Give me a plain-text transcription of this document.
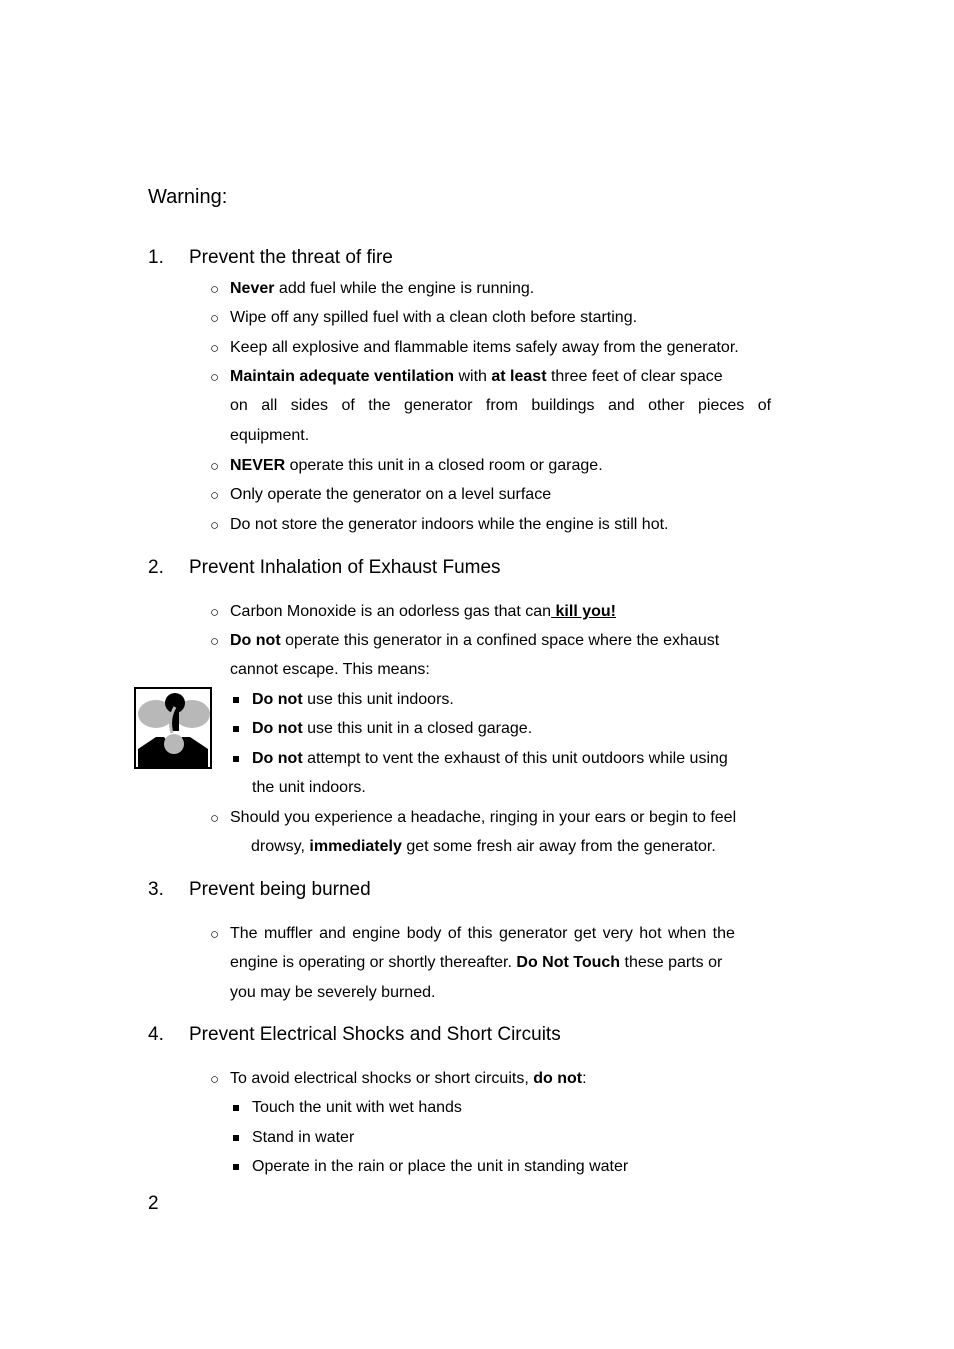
Warning:
1. Prevent the threat of fire
○ Never add fuel while the engine is running.
○ Wipe off any spilled fuel with a clean cloth before starting.
○ Keep all explosive and flammable items safely away from the generator.
○ Maintain adequate ventilation with at least three feet of clear space
on all sides of the generator from buildings and other pieces of
equipment.
○ NEVER operate this unit in a closed room or garage.
○ Only operate the generator on a level surface
○ Do not store the generator indoors while the engine is still hot.
2. Prevent Inhalation of Exhaust Fumes
○ Carbon Monoxide is an odorless gas that can kill you!
○ Do not operate this generator in a confined space where the exhaust
cannot escape. This means:
Do not use this unit indoors.
Do not use this unit in a closed garage.
Do not attempt to vent the exhaust of this unit outdoors while using
the unit indoors.
○ Should you experience a headache, ringing in your ears or begin to feel
drowsy, immediately get some fresh air away from the generator.
3. Prevent being burned
○ The muffler and engine body of this generator get very hot when the
engine is operating or shortly thereafter. Do Not Touch these parts or
you may be severely burned.
4. Prevent Electrical Shocks and Short Circuits
○ To avoid electrical shocks or short circuits, do not:
Touch the unit with wet hands
Stand in water
Operate in the rain or place the unit in standing water
2
